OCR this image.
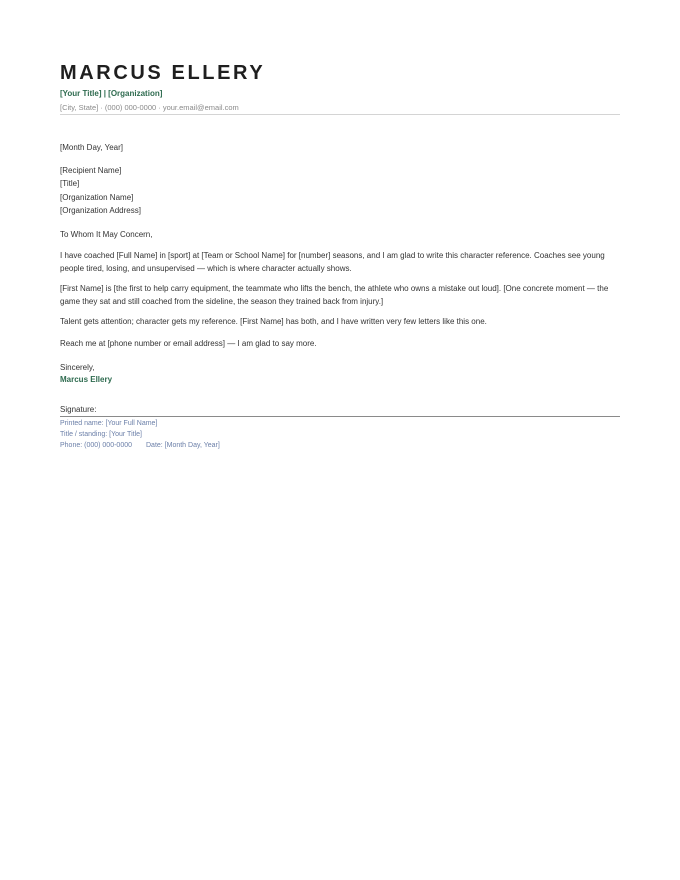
MARCUS ELLERY
[Your Title] | [Organization]
[City, State] · (000) 000-0000 · your.email@email.com
[Month Day, Year]
[Recipient Name]
[Title]
[Organization Name]
[Organization Address]
To Whom It May Concern,
I have coached [Full Name] in [sport] at [Team or School Name] for [number] seasons, and I am glad to write this character reference. Coaches see young people tired, losing, and unsupervised — which is where character actually shows.
[First Name] is [the first to help carry equipment, the teammate who lifts the bench, the athlete who owns a mistake out loud]. [One concrete moment — the game they sat and still coached from the sideline, the season they trained back from injury.]
Talent gets attention; character gets my reference. [First Name] has both, and I have written very few letters like this one.
Reach me at [phone number or email address] — I am glad to say more.
Sincerely,
Marcus Ellery
Signature:
Printed name: [Your Full Name]
Title / standing: [Your Title]
Phone: (000) 000-0000 Date: [Month Day, Year]
